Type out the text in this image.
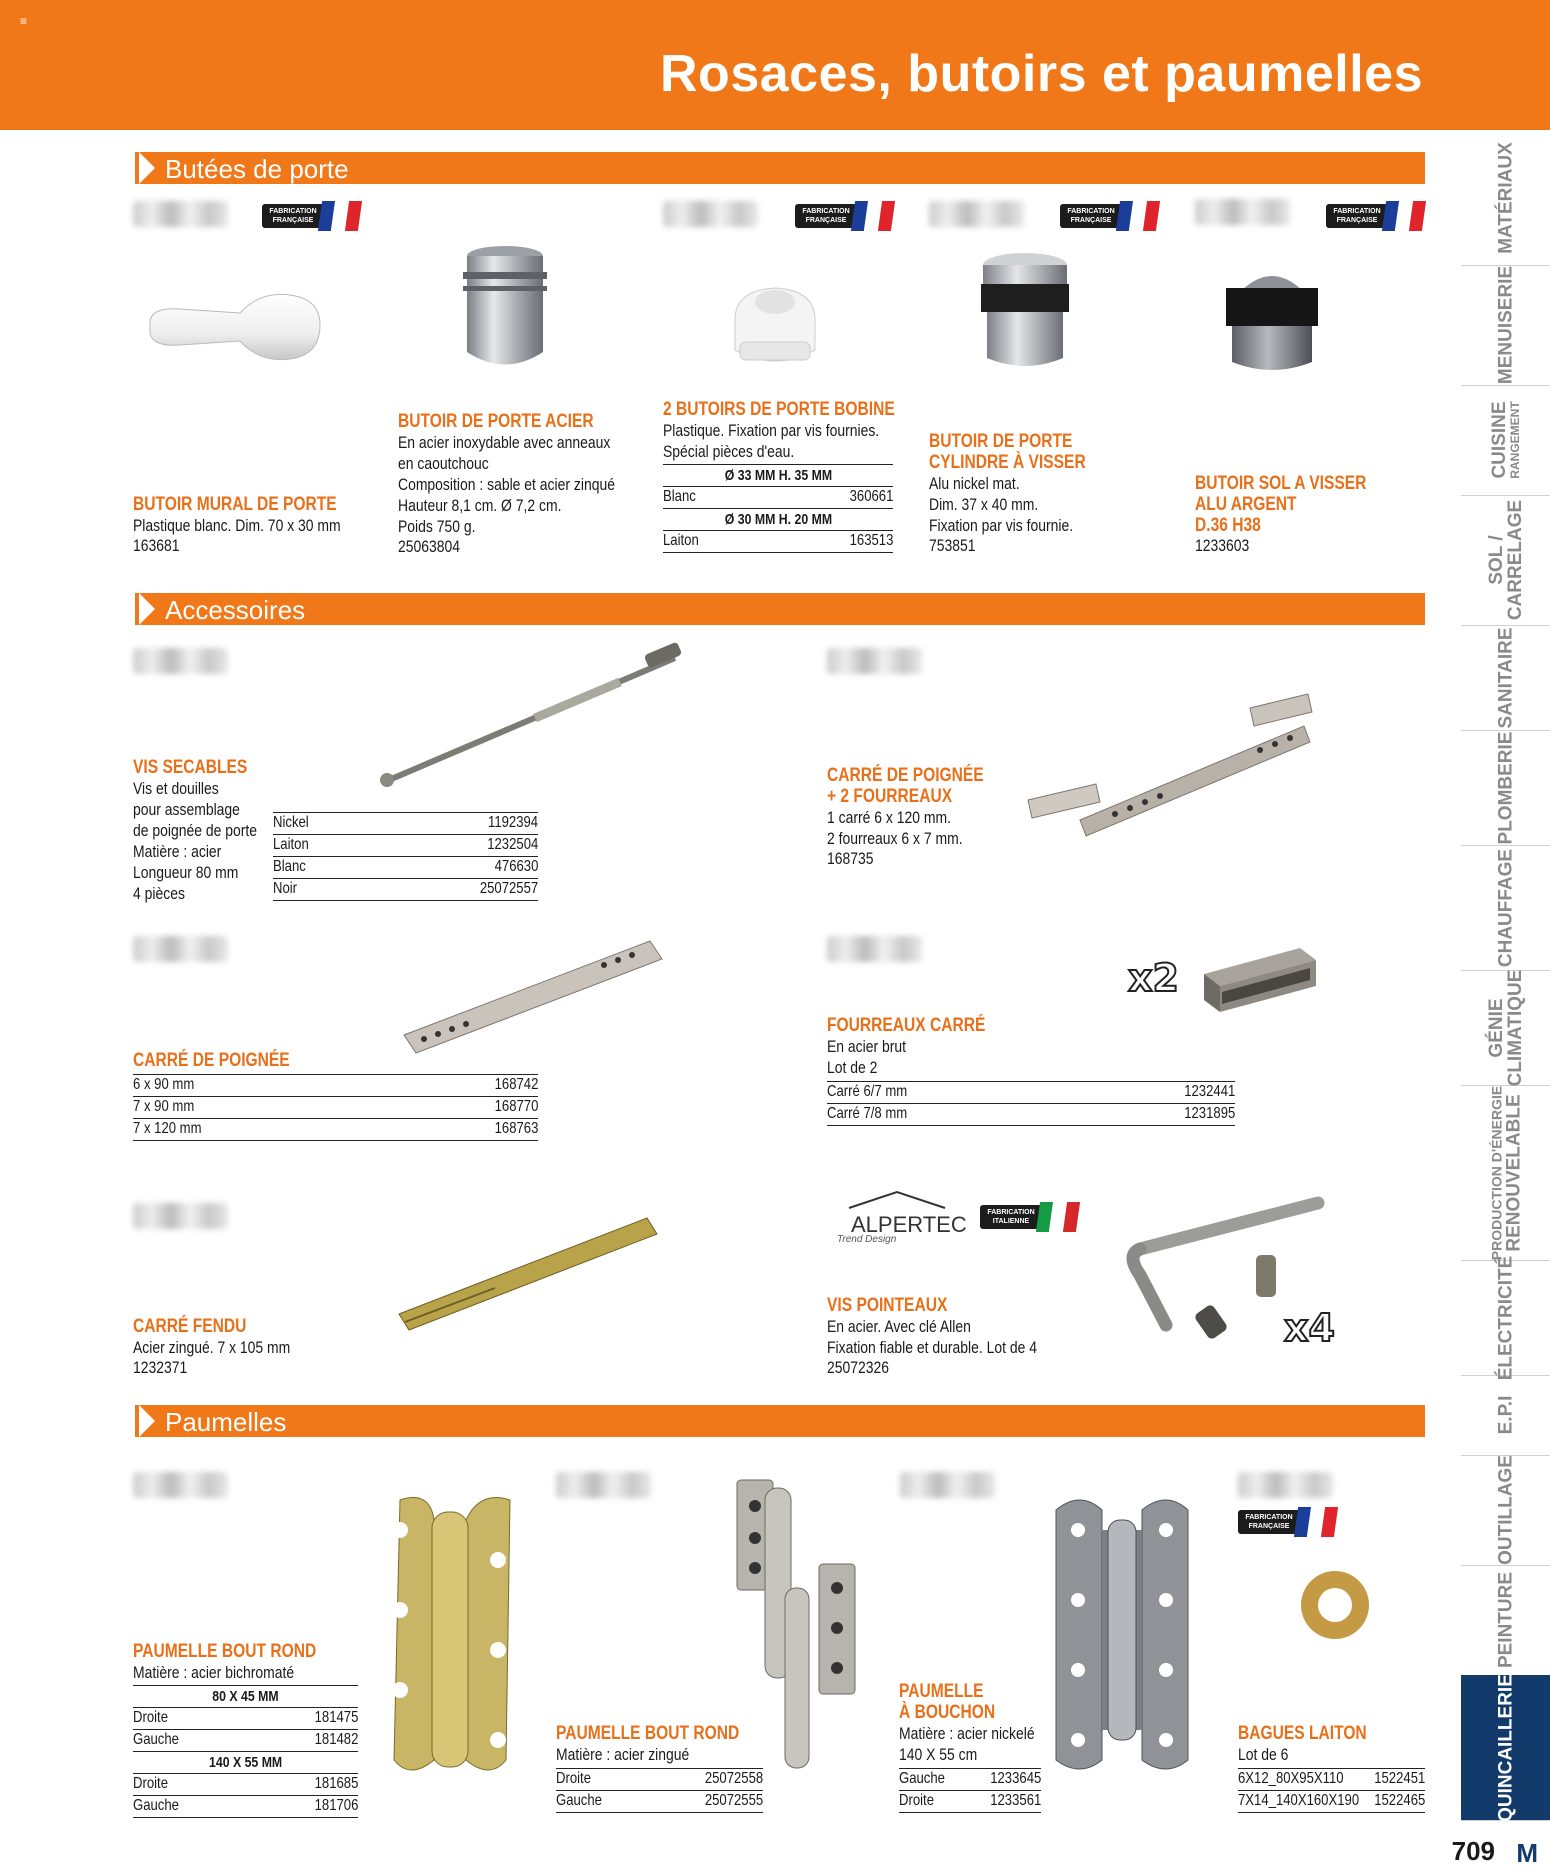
≡
Rosaces, butoirs et paumelles
Butées de porte
Accessoires
Paumelles
FABRICATION
FRANÇAISE
FABRICATION
FRANÇAISE
FABRICATION
FRANÇAISE
FABRICATION
FRANÇAISE
FABRICATION
ITALIENNE
FABRICATION
FRANÇAISE
x2
ALPERTEC
Trend Design
x4
BUTOIR MURAL DE PORTE
Plastique blanc. Dim. 70 x 30 mm
163681
BUTOIR DE PORTE ACIER
En acier inoxydable avec anneaux
en caoutchouc
Composition : sable et acier zinqué
Hauteur 8,1 cm. Ø 7,2 cm.
Poids 750 g.
25063804
2 BUTOIRS DE PORTE BOBINE
Plastique. Fixation par vis fournies.
Spécial pièces d'eau.
Ø 33 MM H. 35 MM
Blanc	360661
Ø 30 MM H. 20 MM
Laiton	163513
BUTOIR DE PORTE
CYLINDRE À VISSER
Alu nickel mat.
Dim. 37 x 40 mm.
Fixation par vis fournie.
753851
BUTOIR SOL A VISSER
ALU ARGENT
D.36 H38
1233603
VIS SECABLES
Vis et douilles
pour assemblage
de poignée de porte
Matière : acier
Longueur 80 mm
4 pièces
Nickel	1192394
Laiton	1232504
Blanc	476630
Noir	25072557
CARRÉ DE POIGNÉE
+ 2 FOURREAUX
1 carré 6 x 120 mm.
2 fourreaux 6 x 7 mm.
168735
CARRÉ DE POIGNÉE
6 x 90 mm	168742
7 x 90 mm	168770
7 x 120 mm	168763
FOURREAUX CARRÉ
En acier brut
Lot de 2
Carré 6/7 mm	1232441
Carré 7/8 mm	1231895
CARRÉ FENDU
Acier zingué. 7 x 105 mm
1232371
VIS POINTEAUX
En acier. Avec clé Allen
Fixation fiable et durable. Lot de 4
25072326
PAUMELLE BOUT ROND
Matière : acier bichromaté
80 X 45 MM
Droite	181475
Gauche	181482
140 X 55 MM
Droite	181685
Gauche	181706
PAUMELLE BOUT ROND
Matière : acier zingué
Droite	25072558
Gauche	25072555
PAUMELLE
À BOUCHON
Matière : acier nickelé
140 X 55 cm
Gauche	1233645
Droite	1233561
BAGUES LAITON
Lot de 6
6X12_80X95X110 1522451
7X14_140X160X190 1522465
MATÉRIAUX
MENUISERIE
CUISINE
RANGEMENT
SOL /
CARRELAGE
SANITAIRE
PLOMBERIE
CHAUFFAGE
GÉNIE
CLIMATIQUE
PRODUCTION D'ÉNERGIE RENOUVELABLE
ÉLECTRICITÉ
E.P.I
OUTILLAGE
PEINTURE
QUINCAILLERIE
709 M
